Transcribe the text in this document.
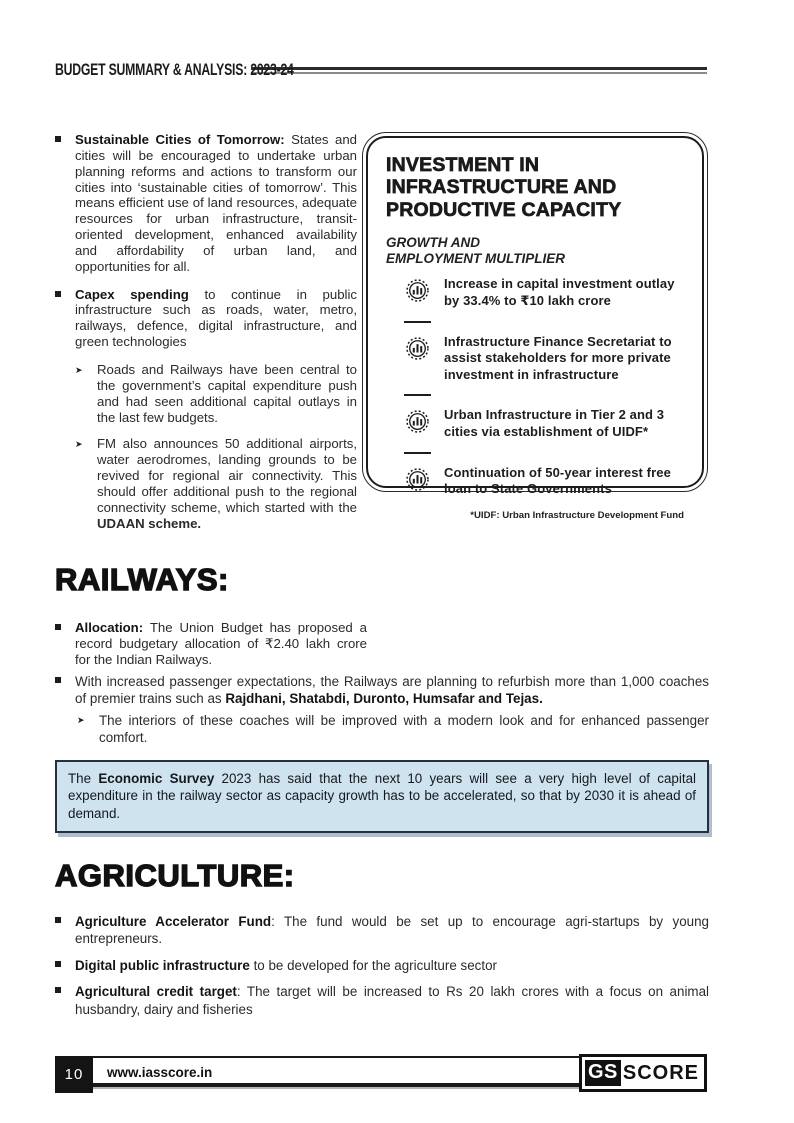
BUDGET SUMMARY & ANALYSIS: 2023-24

Sustainable Cities of Tomorrow: States and cities will be encouraged to undertake urban planning reforms and actions to transform our cities into ‘sustainable cities of tomorrow’. This means efficient use of land resources, adequate resources for urban infrastructure, transit-oriented development, enhanced availability and affordability of urban land, and opportunities for all.

Capex spending to continue in public infrastructure such as roads, water, metro, railways, defence, digital infrastructure, and green technologies

➤	Roads and Railways have been central to the government’s capital expenditure push and had seen additional capital outlays in the last few budgets.

➤	FM also announces 50 additional airports, water aerodromes, landing grounds to be revived for regional air connectivity. This should offer additional push to the regional connectivity scheme, which started with the UDAAN scheme.

INVESTMENT IN INFRASTRUCTURE AND PRODUCTIVE CAPACITY
GROWTH AND
EMPLOYMENT MULTIPLIER
Increase in capital investment outlay by 33.4% to ₹10 lakh crore
Infrastructure Finance Secretariat to assist stakeholders for more private investment in infrastructure
Urban Infrastructure in Tier 2 and 3 cities via establishment of UIDF*
Continuation of 50-year interest free loan to State Governments
*UIDF: Urban Infrastructure Development Fund
RAILWAYS:

Allocation: The Union Budget has proposed a record budgetary allocation of ₹2.40 lakh crore for the Indian Railways.

With increased passenger expectations, the Railways are planning to refurbish more than 1,000 coaches of premier trains such as Rajdhani, Shatabdi, Duronto, Humsafar and Tejas.

➤	The interiors of these coaches will be improved with a modern look and for enhanced passenger comfort.

The Economic Survey 2023 has said that the next 10 years will see a very high level of capital expenditure in the railway sector as capacity growth has to be accelerated, so that by 2030 it is ahead of demand.

AGRICULTURE:

Agriculture Accelerator Fund: The fund would be set up to encourage agri-startups by young entrepreneurs.

Digital public infrastructure to be developed for the agriculture sector

Agricultural credit target: The target will be increased to Rs 20 lakh crores with a focus on animal husbandry, dairy and fisheries

10	www.iasscore.in	GS SCORE
